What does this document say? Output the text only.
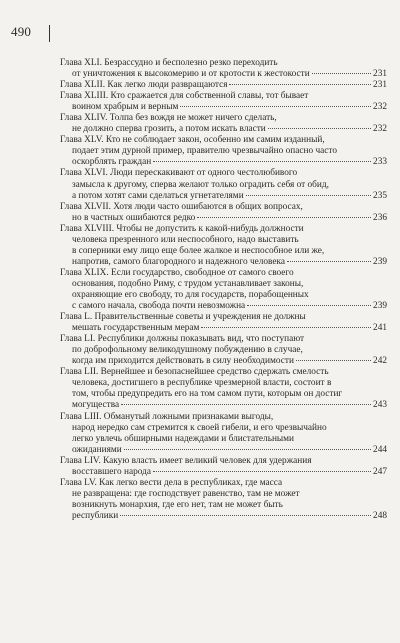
490
Глава XLI. Безрассудно и бесполезно резко переходить
от уничтожения к высокомерию и от кротости к жестокости	231
Глава XLII. Как легко люди развращаются	231
Глава XLIII. Кто сражается для собственной славы, тот бывает
воином храбрым и верным	232
Глава XLIV. Толпа без вождя не может ничего сделать,
не должно сперва грозить, а потом искать власти	232
Глава XLV. Кто не соблюдает закон, особенно им самим изданный,
подает этим дурной пример, правителю чрезвычайно опасно часто
оскорблять граждан	233
Глава XLVI. Люди перескакивают от одного честолюбивого
замысла к другому, сперва желают только оградить себя от обид,
а потом хотят сами сделаться угнетателями	235
Глава XLVII. Хотя люди часто ошибаются в общих вопросах,
но в частных ошибаются редко	236
Глава XLVIII. Чтобы не допустить к какой-нибудь должности
человека презренного или неспособного, надо выставить
в соперники ему лицо еще более жалкое и неспособное или же,
напротив, самого благородного и надежного человека	239
Глава XLIX. Если государство, свободное от самого своего
основания, подобно Риму, с трудом устанавливает законы,
охраняющие его свободу, то для государств, порабощенных
с самого начала, свобода почти невозможна	239
Глава L. Правительственные советы и учреждения не должны
мешать государственным мерам	241
Глава LI. Республики должны показывать вид, что поступают
по доброфольному великодушному побуждению в случае,
когда им приходится действовать в силу необходимости	242
Глава LII. Вернейшее и безопаснейшее средство сдержать смелость
человека, достигшего в республике чрезмерной власти, состоит в
том, чтобы предупредить его на том самом пути, которым он достиг
могущества	243
Глава LIII. Обманутый ложными признаками выгоды,
народ нередко сам стремится к своей гибели, и его чрезвычайно
легко увлечь обширными надеждами и блистательными
ожиданиями	244
Глава LIV. Какую власть имеет великий человек для удержания
восставшего народа	247
Глава LV. Как легко вести дела в республиках, где масса
не развращена: где господствует равенство, там не может
возникнуть монархия, где его нет, там не может быть
республики	248
